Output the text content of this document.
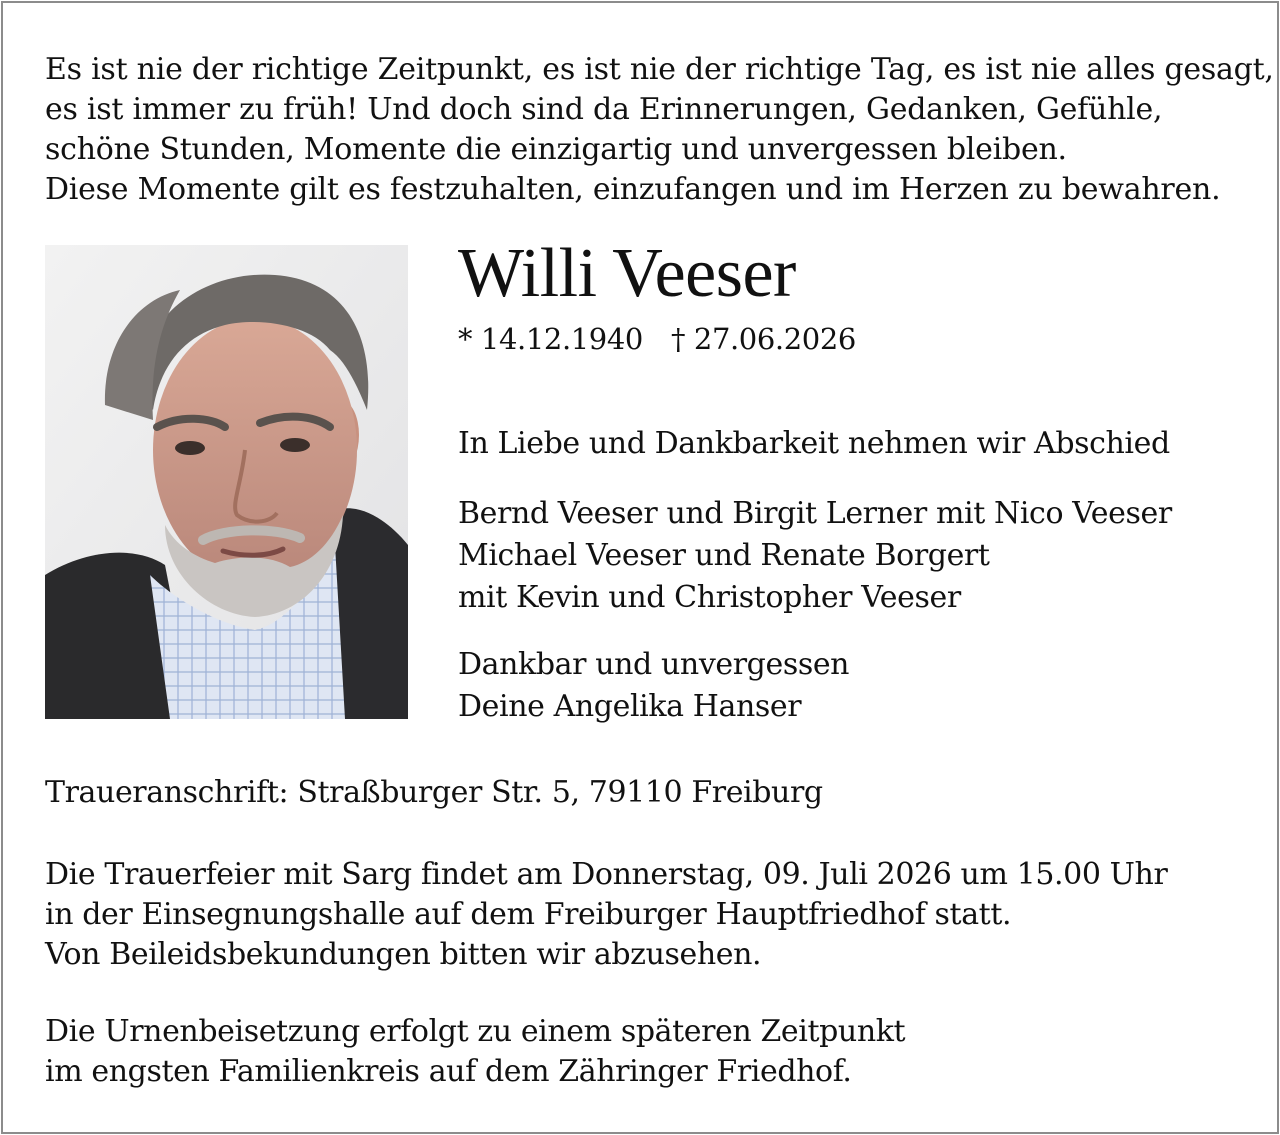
Es ist nie der richtige Zeitpunkt, es ist nie der richtige Tag, es ist nie alles gesagt,
es ist immer zu früh! Und doch sind da Erinnerungen, Gedanken, Gefühle,
schöne Stunden, Momente die einzigartig und unvergessen bleiben.
Diese Momente gilt es festzuhalten, einzufangen und im Herzen zu bewahren.
Willi Veeser
* 14.12.1940 † 27.06.2026

In Liebe und Dankbarkeit nehmen wir Abschied

Bernd Veeser und Birgit Lerner mit Nico Veeser
Michael Veeser und Renate Borgert
mit Kevin und Christopher Veeser
Dankbar und unvergessen
Deine Angelika Hanser

Traueranschrift: Straßburger Str. 5, 79110 Freiburg

Die Trauerfeier mit Sarg findet am Donnerstag, 09. Juli 2026 um 15.00 Uhr
in der Einsegnungshalle auf dem Freiburger Hauptfriedhof statt.
Von Beileidsbekundungen bitten wir abzusehen.
Die Urnenbeisetzung erfolgt zu einem späteren Zeitpunkt
im engsten Familienkreis auf dem Zähringer Friedhof.
